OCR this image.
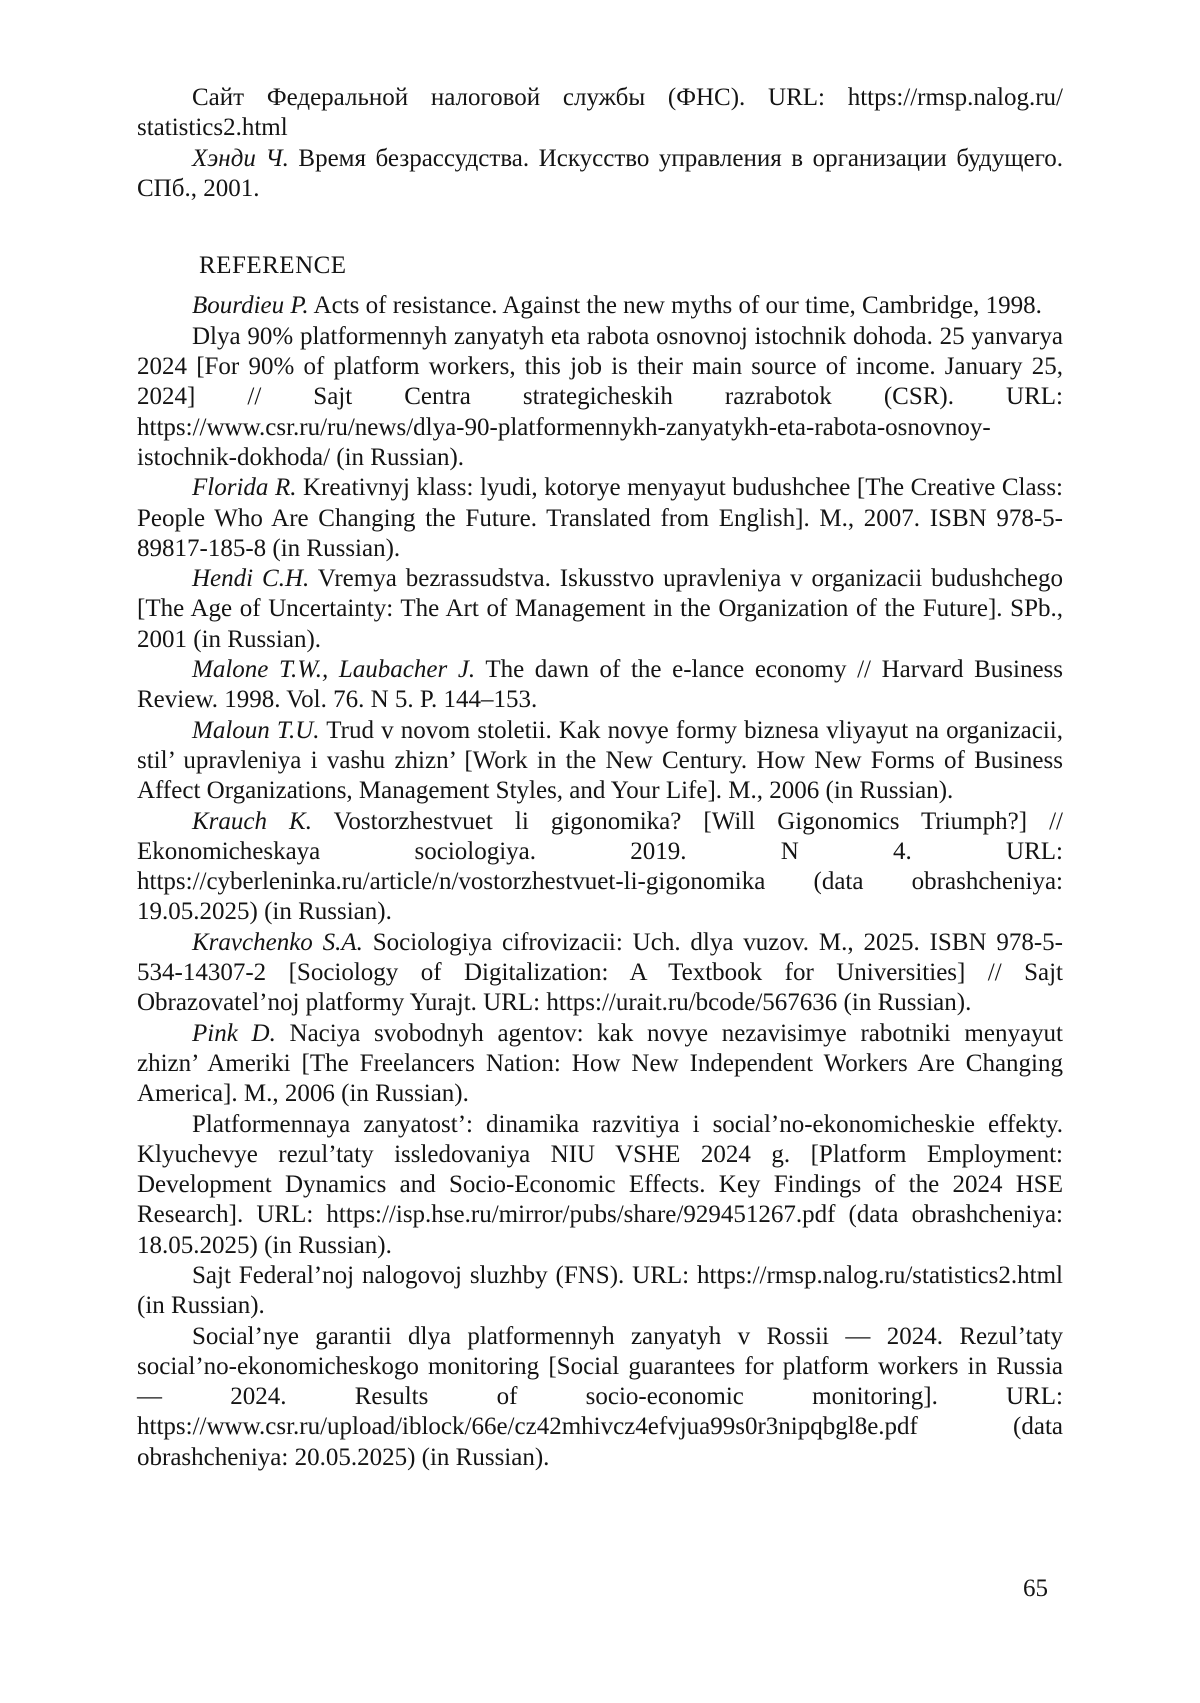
Сайт Федеральной налоговой службы (ФНС). URL: https://rmsp.nalog.ru/ statistics2.html

Хэнди Ч. Время безрассудства. Искусство управления в организации будущего. СПб., 2001.

REFERENCE

Bourdieu P. Acts of resistance. Against the new myths of our time, Cambridge, 1998.

Dlya 90% platformennyh zanyatyh eta rabota osnovnoj istochnik dohoda. 25 yanvarya 2024 [For 90% of platform workers, this job is their main source of income. January 25, 2024] // Sajt Centra strategicheskih razrabotok (CSR). URL: https://www.csr.ru/ru/news/dlya-90-platformennykh-zanyatykh-eta-rabota-osnovnoy-istochnik-dokhoda/ (in Russian).

Florida R. Kreativnyj klass: lyudi, kotorye menyayut budushchee [The Creative Class: People Who Are Changing the Future. Translated from English]. M., 2007. ISBN 978-5-89817-185-8 (in Russian).

Hendi C.H. Vremya bezrassudstva. Iskusstvo upravleniya v organizacii budushchego [The Age of Uncertainty: The Art of Management in the Organization of the Future]. SPb., 2001 (in Russian).

Malone T.W., Laubacher J. The dawn of the e-lance economy // Harvard Business Review. 1998. Vol. 76. N 5. P. 144–153.

Maloun T.U. Trud v novom stoletii. Kak novye formy biznesa vliyayut na organizacii, stil’ upravleniya i vashu zhizn’ [Work in the New Century. How New Forms of Business Affect Organizations, Management Styles, and Your Life]. M., 2006 (in Russian).

Krauch K. Vostorzhestvuet li gigonomika? [Will Gigonomics Triumph?] // Ekonomicheskaya sociologiya. 2019. N 4. URL: https://cyberleninka.ru/article/n/vostorzhestvuet-li-gigonomika (data obrashcheniya: 19.05.2025) (in Russian).

Kravchenko S.A. Sociologiya cifrovizacii: Uch. dlya vuzov. M., 2025. ISBN 978-5-534-14307-2 [Sociology of Digitalization: A Textbook for Universities] // Sajt Obrazovatel’noj platformy Yurajt. URL: https://urait.ru/bcode/567636 (in Russian).

Pink D. Naciya svobodnyh agentov: kak novye nezavisimye rabotniki menyayut zhizn’ Ameriki [The Freelancers Nation: How New Independent Workers Are Changing America]. M., 2006 (in Russian).

Platformennaya zanyatost’: dinamika razvitiya i social’no-ekonomicheskie effekty. Klyuchevye rezul’taty issledovaniya NIU VSHE 2024 g. [Platform Employment: Development Dynamics and Socio-Economic Effects. Key Findings of the 2024 HSE Research]. URL: https://isp.hse.ru/mirror/pubs/share/929451267.pdf (data obrashcheniya: 18.05.2025) (in Russian).

Sajt Federal’noj nalogovoj sluzhby (FNS). URL: https://rmsp.nalog.ru/statistics2.html (in Russian).

Social’nye garantii dlya platformennyh zanyatyh v Rossii — 2024. Rezul’taty social’no-ekonomicheskogo monitoring [Social guarantees for platform workers in Russia — 2024. Results of socio-economic monitoring]. URL: https://www.csr.ru/upload/iblock/66e/cz42mhivcz4efvjua99s0r3nipqbgl8e.pdf (data obrashcheniya: 20.05.2025) (in Russian).

65
